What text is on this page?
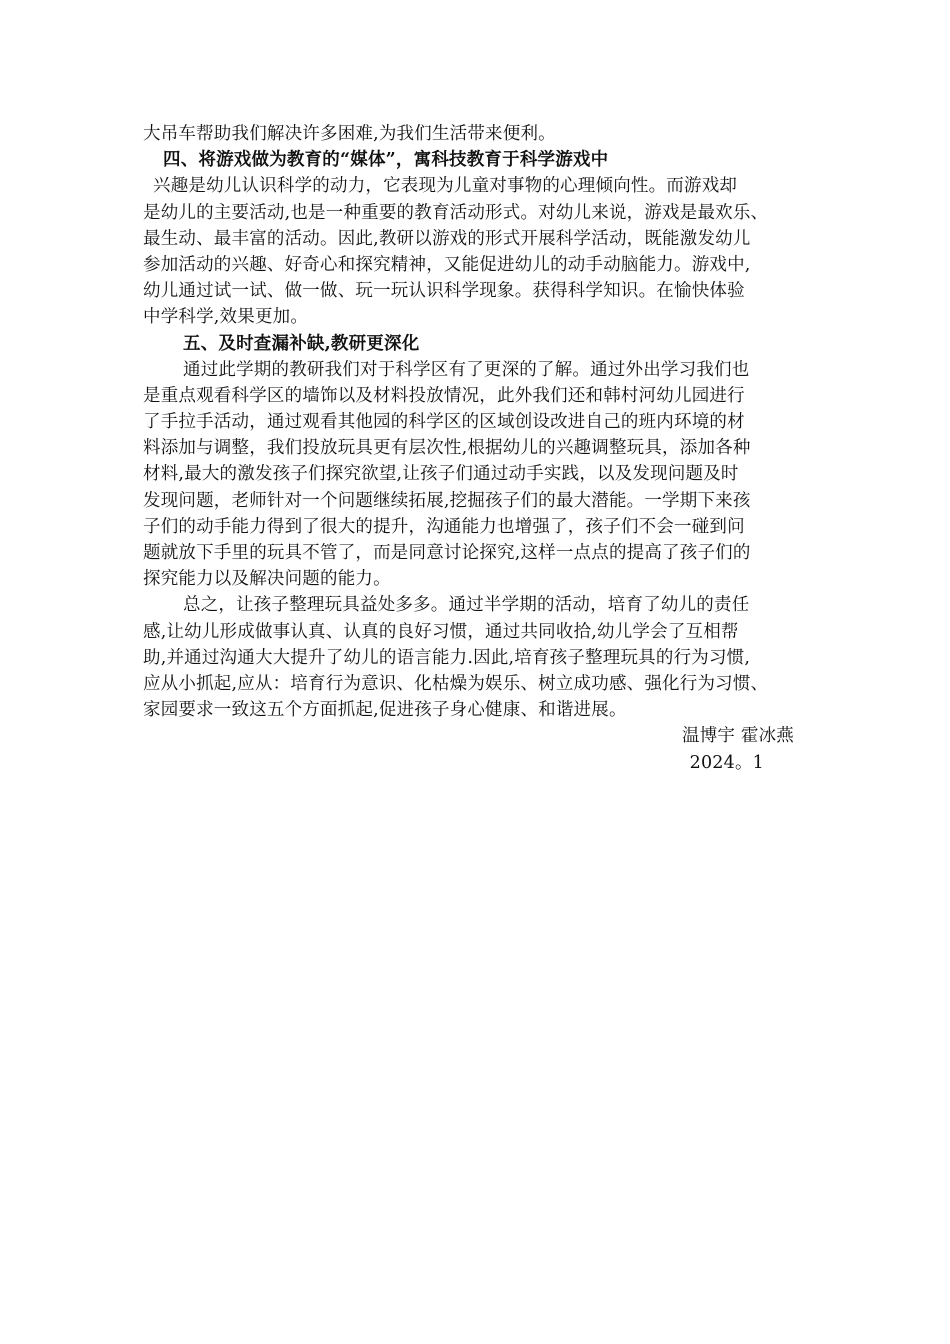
大吊车帮助我们解决许多困难,为我们生活带来便利。
四、将游戏做为教育的“媒体”，寓科技教育于科学游戏中
兴趣是幼儿认识科学的动力，它表现为儿童对事物的心理倾向性。而游戏却
是幼儿的主要活动,也是一种重要的教育活动形式。对幼儿来说，游戏是最欢乐、
最生动、最丰富的活动。因此,教研以游戏的形式开展科学活动，既能激发幼儿
参加活动的兴趣、好奇心和探究精神，又能促进幼儿的动手动脑能力。游戏中,
幼儿通过试一试、做一做、玩一玩认识科学现象。获得科学知识。在愉快体验
中学科学,效果更加。
五、及时查漏补缺,教研更深化
通过此学期的教研我们对于科学区有了更深的了解。通过外出学习我们也
是重点观看科学区的墙饰以及材料投放情况，此外我们还和韩村河幼儿园进行
了手拉手活动，通过观看其他园的科学区的区域创设改进自己的班内环境的材
料添加与调整，我们投放玩具更有层次性,根据幼儿的兴趣调整玩具，添加各种
材料,最大的激发孩子们探究欲望,让孩子们通过动手实践，以及发现问题及时
发现问题，老师针对一个问题继续拓展,挖掘孩子们的最大潜能。一学期下来孩
子们的动手能力得到了很大的提升，沟通能力也增强了，孩子们不会一碰到问
题就放下手里的玩具不管了，而是同意讨论探究,这样一点点的提高了孩子们的
探究能力以及解决问题的能力。
总之，让孩子整理玩具益处多多。通过半学期的活动，培育了幼儿的责任
感,让幼儿形成做事认真、认真的良好习惯，通过共同收拾,幼儿学会了互相帮
助,并通过沟通大大提升了幼儿的语言能力.因此,培育孩子整理玩具的行为习惯,
应从小抓起,应从：培育行为意识、化枯燥为娱乐、树立成功感、强化行为习惯、
家园要求一致这五个方面抓起,促进孩子身心健康、和谐进展。
温博宇 霍冰燕
2024。1
